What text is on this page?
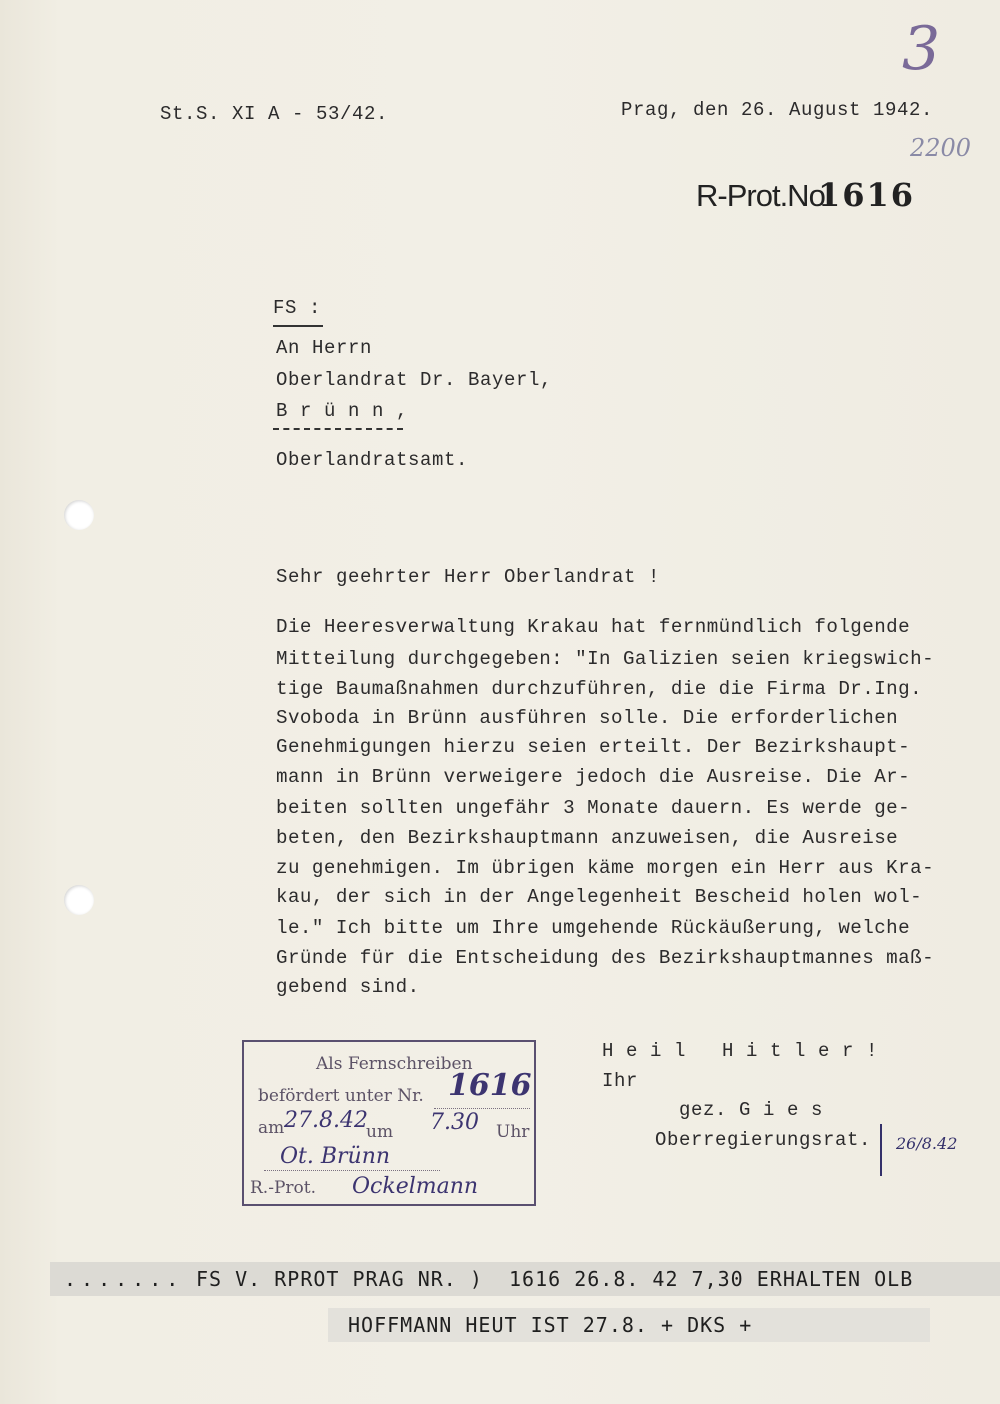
St.S. XI A - 53/42.	Prag, den 26. August 1942.
3
2200
R-Prot.No.
1616
FS :
An Herrn
Oberlandrat Dr. Bayerl,
B r ü n n ,
Oberlandratsamt.
Sehr geehrter Herr Oberlandrat !
Die Heeresverwaltung Krakau hat fernmündlich folgende
Mitteilung durchgegeben: "In Galizien seien kriegswich-
tige Baumaßnahmen durchzuführen, die die Firma Dr.Ing.
Svoboda in Brünn ausführen solle. Die erforderlichen
Genehmigungen hierzu seien erteilt. Der Bezirkshaupt-
mann in Brünn verweigere jedoch die Ausreise. Die Ar-
beiten sollten ungefähr 3 Monate dauern. Es werde ge-
beten, den Bezirkshauptmann anzuweisen, die Ausreise
zu genehmigen. Im übrigen käme morgen ein Herr aus Kra-
kau, der sich in der Angelegenheit Bescheid holen wol-
le." Ich bitte um Ihre umgehende Rückäußerung, welche
Gründe für die Entscheidung des Bezirkshauptmannes maß-
gebend sind.
H e i l   H i t l e r !
Ihr
gez. G i e s
Oberregierungsrat. 26/8.42
Als Fernschreiben
befördert unter Nr. 1616
am 27.8.42
um 7.30 Uhr
Ot. Brünn
R.-Prot. Ockelmann
....... FS V. RPROT PRAG NR. )  1616 26.8. 42 7,30 ERHALTEN OLB
HOFFMANN HEUT IST 27.8. + DKS +
